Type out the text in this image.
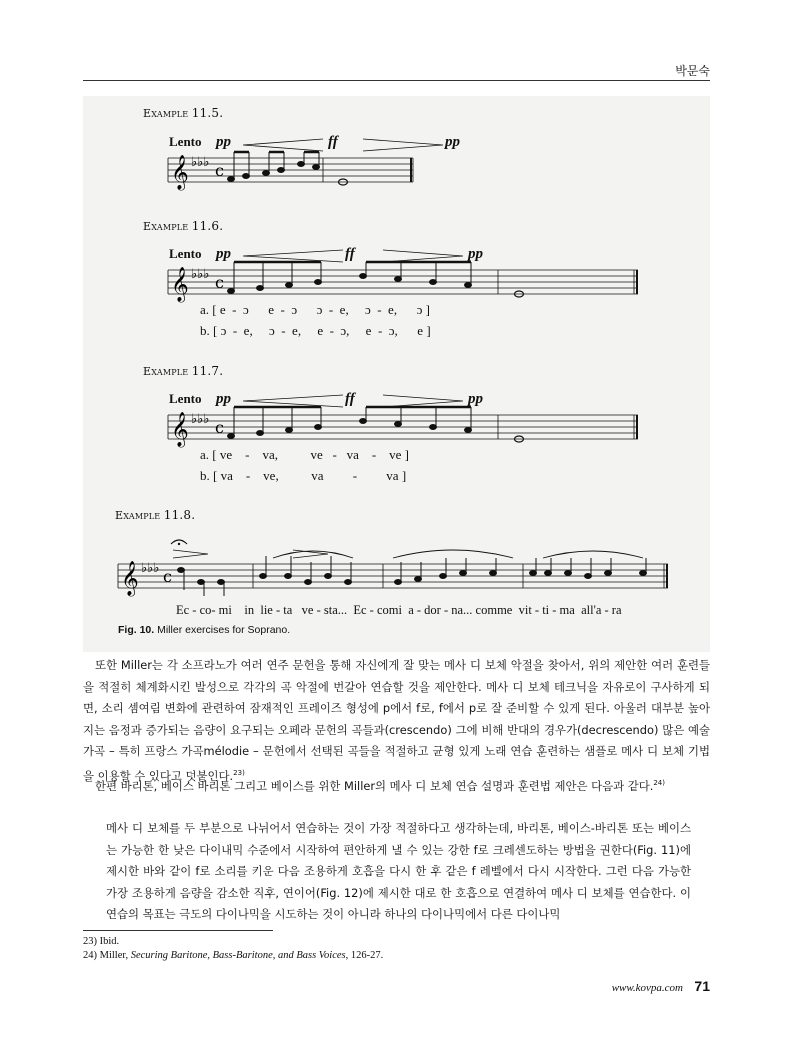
박문숙
Example 11.5.
Lento pp	ff	pp
𝄞 ♭♭♭ c
Example 11.6.
Lento pp	ff	pp
𝄞 ♭♭♭ c
a. [ e  -  ɔ      e  -  ɔ      ɔ  -  e,     ɔ  -  e,      ɔ ]
b. [ ɔ  -  e,     ɔ  -  e,     e  -  ɔ,     e  -  ɔ,      e ]
Example 11.7.
Lento pp	ff	pp
𝄞 ♭♭♭ c
a. [ ve    -    va,          ve   -   va    -    ve ]
b. [ va    -    ve,          va         -         va ]
Example 11.8.
𝄞 ♭♭♭ c
Ec - co- mi    in  lie - ta   ve - sta...  Ec - comi  a - dor - na... comme  vit - ti - ma  all'a - ra
Fig. 10. Miller exercises for Soprano.
또한 Miller는 각 소프라노가 여러 연주 문헌을 통해 자신에게 잘 맞는 메사 디 보체 악절을 찾아서, 위의 제안한 여러 훈련들을 적절히 체계화시킨 발성으로 각각의 곡 악절에 번갈아 연습할 것을 제안한다. 메사 디 보체 테크닉을 자유로이 구사하게 되면, 소리 셈여림 변화에 관련하여 잠재적인 프레이즈 형성에 p에서 f로, f에서 p로 잘 준비할 수 있게 된다. 아울러 대부분 높아지는 음정과 증가되는 음량이 요구되는 오페라 문헌의 곡들과(crescendo) 그에 비해 반대의 경우가(decrescendo) 많은 예술가곡 – 특히 프랑스 가곡mélodie – 문헌에서 선택된 곡들을 적절하고 균형 있게 노래 연습 훈련하는 샘플로 메사 디 보체 기법을 이용할 수 있다고 덧붙인다.$^{23)}$
한편 바리톤, 베이스 바리톤 그리고 베이스를 위한 Miller의 메사 디 보체 연습 설명과 훈련법 제안은 다음과 같다.$^{24)}$
메사 디 보체를 두 부분으로 나뉘어서 연습하는 것이 가장 적절하다고 생각하는데, 바리톤, 베이스-바리톤 또는 베이스는 가능한 한 낮은 다이내믹 수준에서 시작하여 편안하게 낼 수 있는 강한 f로 크레센도하는 방법을 권한다(Fig. 11)에 제시한 바와 같이 f로 소리를 키운 다음 조용하게 호흡을 다시 한 후 같은 f 레벨에서 다시 시작한다. 그런 다음 가능한 가장 조용하게 음량을 감소한 직후, 연이어(Fig. 12)에 제시한 대로 한 호흡으로 연결하여 메사 디 보체를 연습한다. 이 연습의 목표는 극도의 다이나믹을 시도하는 것이 아니라 하나의 다이나믹에서 다른 다이나믹
23) Ibid.
24) Miller, Securing Baritone, Bass-Baritone, and Bass Voices, 126-27.
www.kovpa.com 71
